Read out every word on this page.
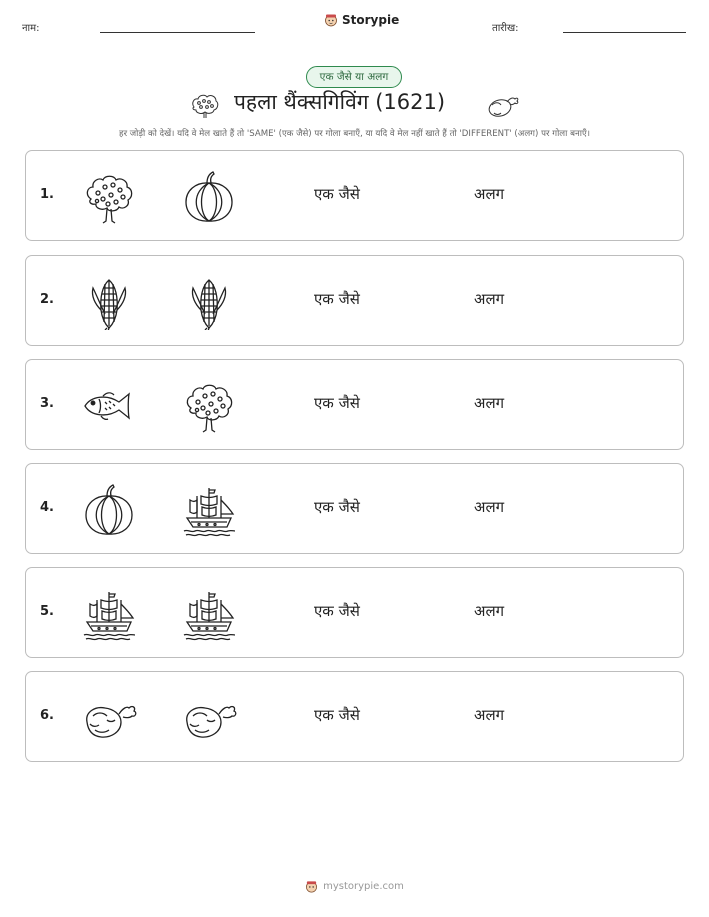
नाम:
Storypie
तारीख:
एक जैसे या अलग
पहला थैंक्सगिविंग (1621)
हर जोड़ी को देखें। यदि वे मेल खाते हैं तो 'SAME' (एक जैसे) पर गोला बनाएँ, या यदि वे मेल नहीं खाते हैं तो 'DIFFERENT' (अलग) पर गोला बनाएँ।
1.	एक जैसे	अलग
2.	एक जैसे	अलग
3.	एक जैसे	अलग
4.	एक जैसे	अलग
5.	एक जैसे	अलग
6.	एक जैसे	अलग
mystorypie.com
